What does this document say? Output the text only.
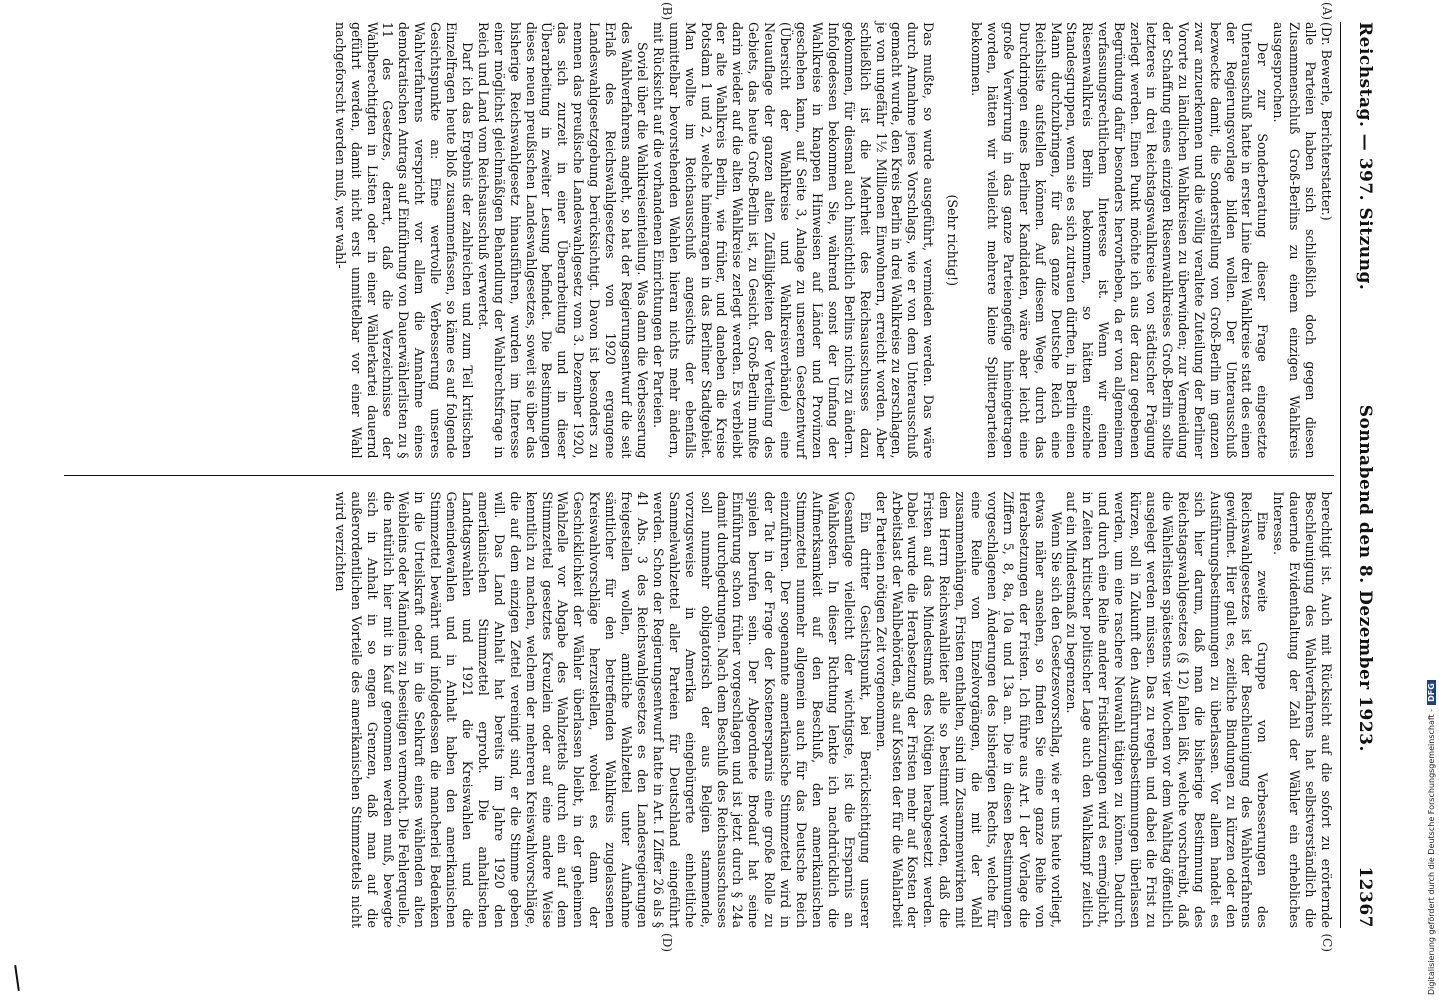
Reichstag. — 397. Sitzung.
Sonnabend den 8. Dezember 1923.
12367
(A)
(B)

(Dr. Bewerle, Berichterstatter.)

alle Parteien haben sich schließlich doch gegen diesen Zusammenschluß Groß-Berlins zu einem einzigen Wahlkreis ausgesprochen.

Der zur Sonderberatung dieser Frage eingesetzte Unterausschuß hatte in erster Linie drei Wahlkreise statt des einen der Regierungsvorlage bilden wollen. Der Unterausschuß bezweckte damit, die Sonderstellung von Groß-Berlin im ganzen zwar anzuerkennen und die völlig veraltete Zuteilung der Berliner Vororte zu ländlichen Wahlkreisen zu überwinden; zur Vermeidung der Schaffung eines einzigen Riesenwahlkreises Groß-Berlin sollte letzteres in drei Reichstagswahlkreise von städtischer Prägung zerlegt werden. Einen Punkt möchte ich aus der dazu gegebenen Begründung dafür besonders hervorheben, da er von allgemeinem verfassungsrechtlichem Interesse ist. Wenn wir einen Riesenwahlkreis Berlin bekommen, so hätten einzelne Standesgruppen, wenn sie es sich zutrauen dürften, in Berlin einen Mann durchzubringen, für das ganze Deutsche Reich eine Reichsliste aufstellen können. Auf diesem Wege, durch das Durchdringen eines Berliner Kandidaten, wäre aber leicht eine große Verwirrung in das ganze Parteiengefüge hineingetragen worden, hätten wir vielleicht mehrere kleine Splitterparteien bekommen.

(Sehr richtig!)

Das mußte, so wurde ausgeführt, vermieden werden. Das wäre durch Annahme jenes Vorschlags, wie er von dem Unterausschuß gemacht wurde, den Kreis Berlin in drei Wahlkreise zu zerschlagen, je von ungefähr 1½ Millionen Einwohnern, erreicht worden. Aber schließlich ist die Mehrheit des Reichsausschusses dazu gekommen, für diesmal auch hinsichtlich Berlins nichts zu ändern. Infolgedessen bekommen Sie, während sonst der Umfang der Wahlkreise in knappen Hinweisen auf Länder und Provinzen geschehen kann, auf Seite 3, Anlage zu unserem Gesetzentwurf (Übersicht der Wahlkreise und Wahlkreisverbände) eine Neuauflage der ganzen alten Zufälligkeiten der Verteilung des Gebiets, das heute Groß-Berlin ist, zu Gesicht. Groß-Berlin mußte darin wieder auf die alten Wahlkreise zerlegt werden. Es verbleibt der alte Wahlkreis Berlin, wie früher, und daneben die Kreise Potsdam 1 und 2, welche hineinragen in das Berliner Stadtgebiet. Man wollte im Reichsausschuß angesichts der ebenfalls unmittelbar bevorstehenden Wahlen hieran nichts mehr ändern, mit Rücksicht auf die vorhandenen Einrichtungen der Parteien.

Soviel über die Wahlkreiseinteilung. Was dann die Verbesserung des Wahlverfahrens angeht, so hat der Regierungsentwurf die seit Erlaß des Reichswahlgesetzes von 1920 ergangene Landeswahlgesetzgebung berücksichtigt. Davon ist besonders zu nennen das preußische Landeswahlgesetz vom 3. Dezember 1920, das sich zurzeit in einer Überarbeitung und in dieser Überarbeitung in zweiter Lesung befindet. Die Bestimmungen dieses neuen preußischen Landeswahlgesetzes, soweit sie über das bisherige Reichswahlgesetz hinausführen, wurden im Interesse einer möglichst gleichmäßigen Behandlung der Wahlrechtsfrage in Reich und Land vom Reichsausschuß verwertet.

Darf ich das Ergebnis der zahlreichen und zum Teil kritischen Einzelfragen heute bloß zusammenfassen, so käme es auf folgende Gesichtspunkte an: Eine wertvolle Verbesserung unseres Wahlverfahrens verspricht vor allem die Annahme eines demokratischen Antrags auf Einführung von Dauerwählerlisten zu § 11 des Gesetzes, derart, daß die Verzeichnisse der Wahlberechtigten in Listen oder in einer Wählerkartei dauernd geführt werden, damit nicht erst unmittelbar vor einer Wahl nachgeforscht werden muß, wer wahl-

(C)
(D)

berechtigt ist. Auch mit Rücksicht auf die sofort zu erörternde Beschleunigung des Wahlverfahrens hat selbstverständlich die dauernde Evidenthaltung der Zahl der Wähler ein erhebliches Interesse.

Eine zweite Gruppe von Verbesserungen des Reichswahlgesetzes ist der Beschleunigung des Wahlverfahrens gewidmet. Hier galt es, zeitliche Bindungen zu kürzen oder den Ausführungsbestimmungen zu überlassen. Vor allem handelt es sich hier darum, daß man die bisherige Bestimmung des Reichstagswahlgesetzes (§ 12) fallen läßt, welche vorschreibt, daß die Wählerlisten spätestens vier Wochen vor dem Wahltag öffentlich ausgelegt werden müssen. Das zu regeln und dabei die Frist zu kürzen, soll in Zukunft den Ausführungsbestimmungen überlassen werden, um eine raschere Neuwahl tätigen zu können. Dadurch und durch eine Reihe anderer Fristkürzungen wird es ermöglicht, in Zeiten kritischer politischer Lage auch den Wahlkampf zeitlich auf ein Mindestmaß zu begrenzen.

Wenn Sie sich den Gesetzesvorschlag, wie er uns heute vorliegt, etwas näher ansehen, so finden Sie eine ganze Reihe von Herabsetzungen der Fristen. Ich führe aus Art. I der Vorlage die Ziffern 5, 8, 8a, 10a und 13a an. Die in diesen Bestimmungen vorgeschlagenen Änderungen des bisherigen Rechts, welche für eine Reihe von Einzelvorgängen, die mit der Wahl zusammenhängen, Fristen enthalten, sind im Zusammenwirken mit dem Herrn Reichswahlleiter alle so bestimmt worden, daß die Fristen auf das Mindestmaß des Nötigen herabgesetzt werden. Dabei wurde die Herabsetzung der Fristen mehr auf Kosten der Arbeitslast der Wahlbehörden, als auf Kosten der für die Wahlarbeit der Parteien nötigen Zeit vorgenommen.

Ein dritter Gesichtspunkt, bei Berücksichtigung unserer Gesamtlage vielleicht der wichtigste, ist die Ersparnis an Wahlkosten. In dieser Richtung lenkte ich nachdrücklich die Aufmerksamkeit auf den Beschluß, den amerikanischen Stimmzettel nunmehr allgemein auch für das Deutsche Reich einzuführen. Der sogenannte amerikanische Stimmzettel wird in der Tat in der Frage der Kostenersparnis eine große Rolle zu spielen berufen sein. Der Abgeordnete Brodauf hat seine Einführung schon früher vorgeschlagen und ist jetzt durch § 24a damit durchgedrungen. Nach dem Beschluß des Reichsausschusses soll nunmehr obligatorisch der aus Belgien stammende, vorzugsweise in Amerika eingebürgerte einheitliche Sammelwahlzettel aller Parteien für Deutschland eingeführt werden. Schon der Regierungsentwurf hatte in Art. I Ziffer 26 als § 41 Abs. 3 des Reichswahlgesetzes es den Landesregierungen freigestellen wollen, amtliche Wahlzettel unter Aufnahme sämtlicher für den betreffenden Wahlkreis zugelassenen Kreiswahlvorschläge herzustellen, wobei es dann der Geschicklichkeit der Wähler überlassen bleibt, in der geheimen Wahlzelle vor Abgabe des Wahlzettels durch ein auf dem Stimmzettel gesetztes Kreuzlein oder auf eine andere Weise kenntlich zu machen, welchem der mehreren Kreiswahlvorschläge, die auf dem einzigen Zettel vereinigt sind, er die Stimme geben will. Das Land Anhalt hat bereits im Jahre 1920 den amerikanischen Stimmzettel erprobt. Die anhaltischen Landtagswahlen und 1921 die Kreiswahlen und die Gemeindewahlen und in Anhalt haben den amerikanischen Stimmzettel bewährt und infolgedessen die mancherlei Bedenken in die Urteilskraft oder in die Sehkraft eines wählenden alten Weibleins oder Männleins zu beseitigen vermocht. Die Fehlerquelle, die natürlich hier mit in Kauf genommen werden muß, bewegte sich in Anhalt in so engen Grenzen, daß man auf die außerordentlichen Vorteile des amerikanischen Stimmzettels nicht wird verzichten

Digitalisierung gefördert durch die Deutsche Forschungsgemeinschaft -
DFG
